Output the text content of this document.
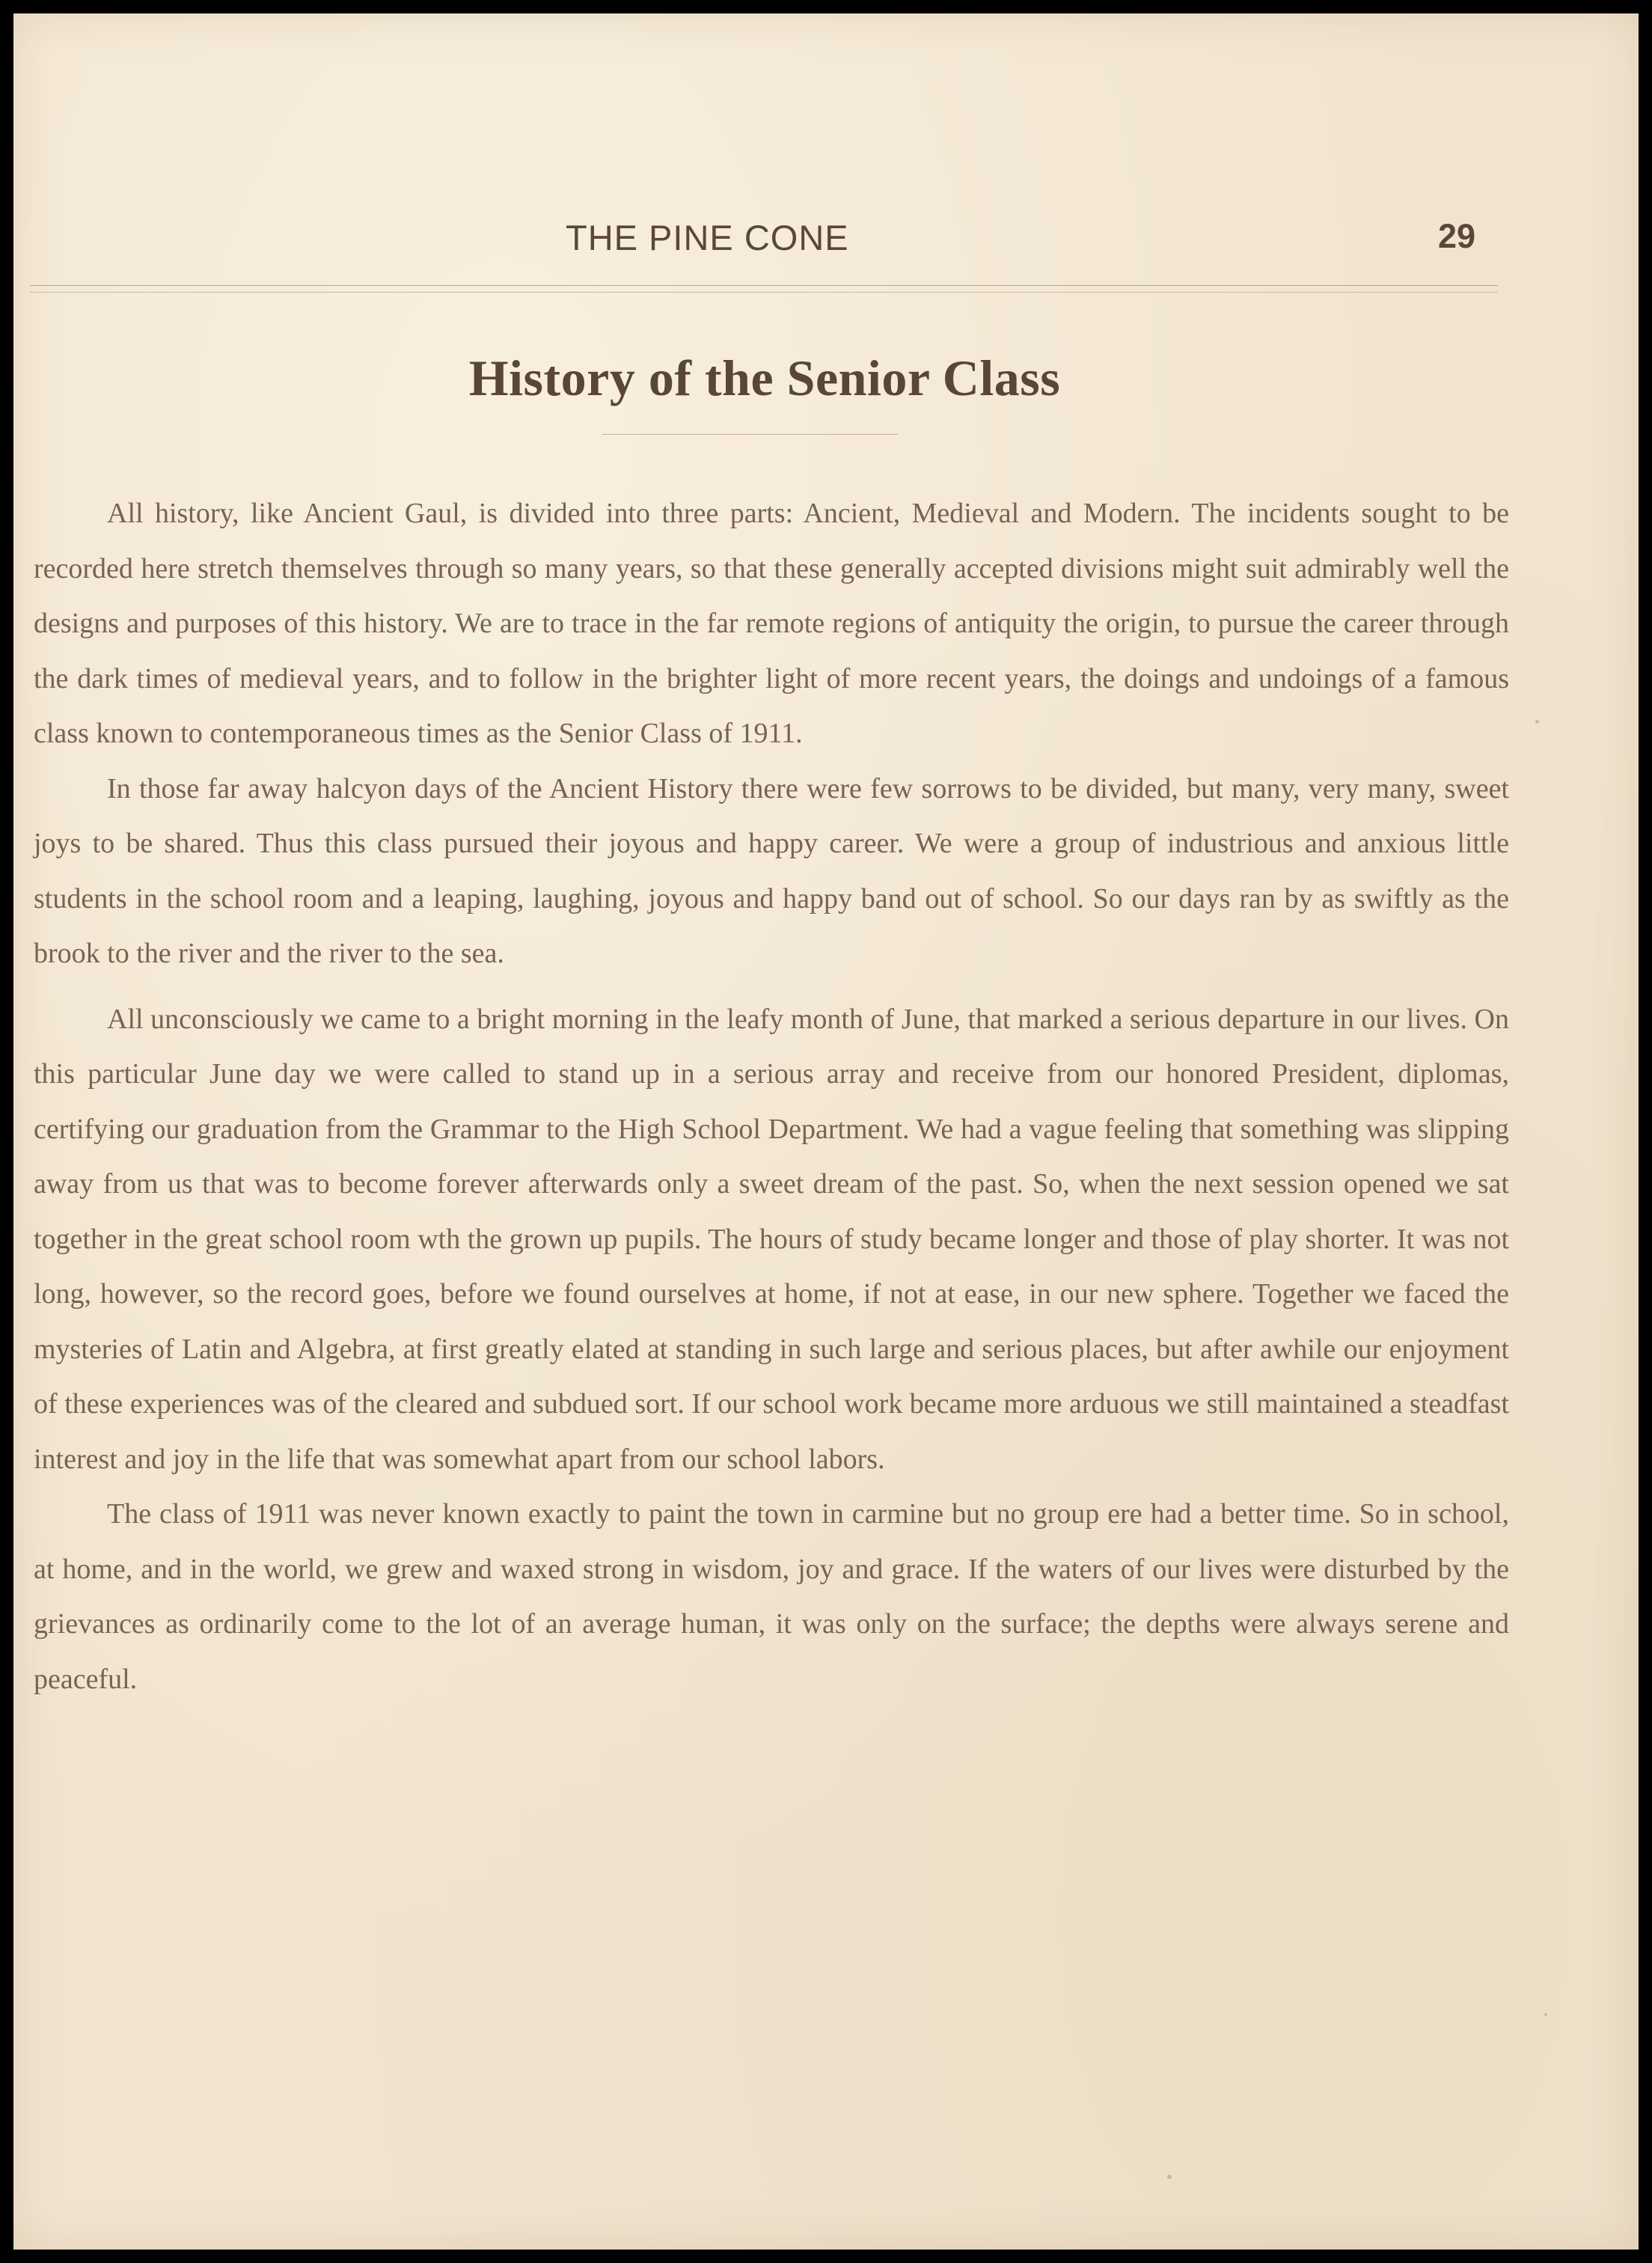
THE PINE CONE	29
History of the Senior Class

All history, like Ancient Gaul, is divided into three parts: Ancient, Medieval and Modern. The incidents sought to be recorded here stretch themselves through so many years, so that these generally accepted divisions might suit admirably well the designs and purposes of this history. We are to trace in the far remote regions of antiquity the origin, to pursue the career through the dark times of medieval years, and to follow in the brighter light of more recent years, the doings and undoings of a famous class known to contemporaneous times as the Senior Class of 1911.

In those far away halcyon days of the Ancient History there were few sorrows to be divided, but many, very many, sweet joys to be shared. Thus this class pursued their joyous and happy career. We were a group of industrious and anxious little students in the school room and a leaping, laughing, joyous and happy band out of school. So our days ran by as swiftly as the brook to the river and the river to the sea.

All unconsciously we came to a bright morning in the leafy month of June, that marked a serious departure in our lives. On this particular June day we were called to stand up in a serious array and receive from our honored President, diplomas, certifying our graduation from the Grammar to the High School Department. We had a vague feeling that something was slipping away from us that was to become forever afterwards only a sweet dream of the past. So, when the next session opened we sat together in the great school room wth the grown up pupils. The hours of study became longer and those of play shorter. It was not long, however, so the record goes, before we found ourselves at home, if not at ease, in our new sphere. Together we faced the mysteries of Latin and Algebra, at first greatly elated at standing in such large and serious places, but after awhile our enjoyment of these experiences was of the cleared and subdued sort. If our school work became more arduous we still maintained a steadfast interest and joy in the life that was somewhat apart from our school labors.

The class of 1911 was never known exactly to paint the town in carmine but no group ere had a better time. So in school, at home, and in the world, we grew and waxed strong in wisdom, joy and grace. If the waters of our lives were disturbed by the grievances as ordinarily come to the lot of an average human, it was only on the surface; the depths were always serene and peaceful.
